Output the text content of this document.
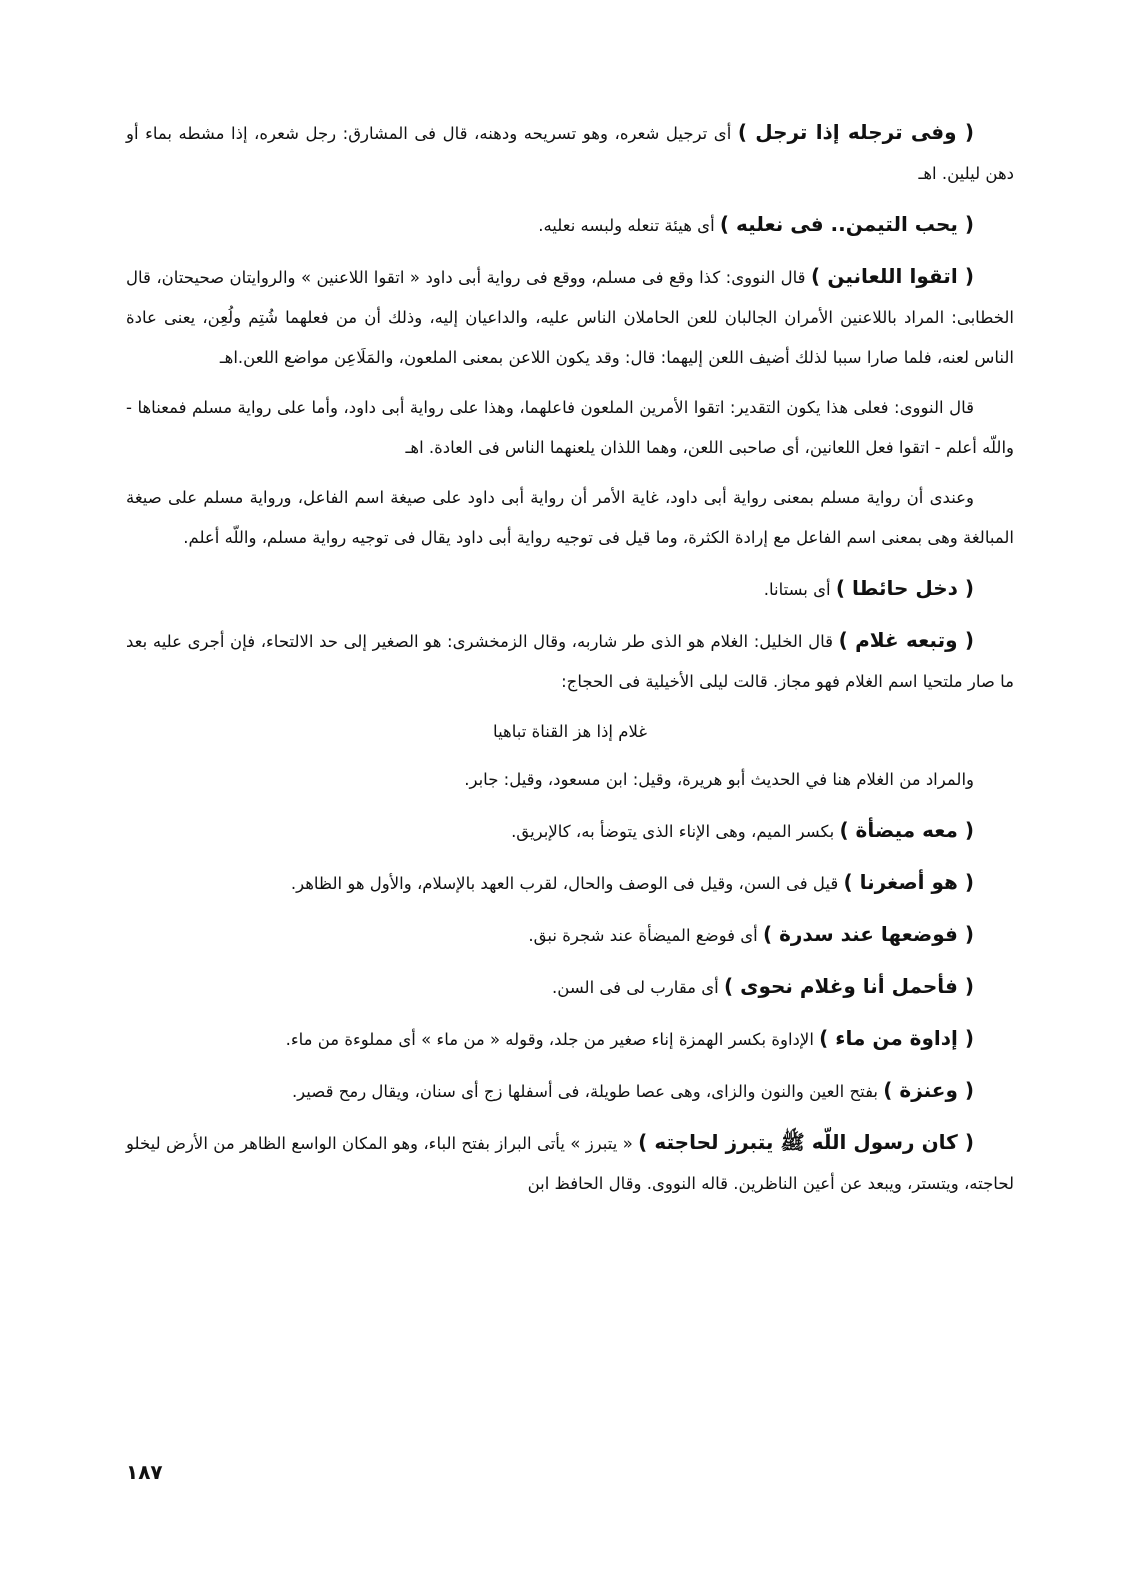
( وفى ترجله إذا ترجل ) أى ترجيل شعره، وهو تسريحه ودهنه، قال فى المشارق: رجل شعره، إذا مشطه بماء أو دهن ليلين. اهـ

( يحب التيمن.. فى نعليه ) أى هيئة تنعله ولبسه نعليه.

( اتقوا اللعانين ) قال النووى: كذا وقع فى مسلم، ووقع فى رواية أبى داود « اتقوا اللاعنين » والروايتان صحيحتان، قال الخطابى: المراد باللاعنين الأمران الجالبان للعن الحاملان الناس عليه، والداعيان إليه، وذلك أن من فعلهما شُتِم ولُعِن، يعنى عادة الناس لعنه، فلما صارا سببا لذلك أضيف اللعن إليهما: قال: وقد يكون اللاعن بمعنى الملعون، والمَلَاعِن مواضع اللعن.اهـ

قال النووى: فعلى هذا يكون التقدير: اتقوا الأمرين الملعون فاعلهما، وهذا على رواية أبى داود، وأما على رواية مسلم فمعناها - واللّه أعلم - اتقوا فعل اللعانين، أى صاحبى اللعن، وهما اللذان يلعنهما الناس فى العادة. اهـ

وعندى أن رواية مسلم بمعنى رواية أبى داود، غاية الأمر أن رواية أبى داود على صيغة اسم الفاعل، ورواية مسلم على صيغة المبالغة وهى بمعنى اسم الفاعل مع إرادة الكثرة، وما قيل فى توجيه رواية أبى داود يقال فى توجيه رواية مسلم، واللّه أعلم.

( دخل حائطا ) أى بستانا.

( وتبعه غلام ) قال الخليل: الغلام هو الذى طر شاربه، وقال الزمخشرى: هو الصغير إلى حد الالتحاء، فإن أجرى عليه بعد ما صار ملتحيا اسم الغلام فهو مجاز. قالت ليلى الأخيلية فى الحجاج:

غلام إذا هز القناة تباهيا

والمراد من الغلام هنا في الحديث أبو هريرة، وقيل: ابن مسعود، وقيل: جابر.

( معه ميضأة ) بكسر الميم، وهى الإناء الذى يتوضأ به، كالإبريق.

( هو أصغرنا ) قيل فى السن، وقيل فى الوصف والحال، لقرب العهد بالإسلام، والأول هو الظاهر.

( فوضعها عند سدرة ) أى فوضع الميضأة عند شجرة نبق.

( فأحمل أنا وغلام نحوى ) أى مقارب لى فى السن.

( إداوة من ماء ) الإداوة بكسر الهمزة إناء صغير من جلد، وقوله « من ماء » أى مملوءة من ماء.

( وعنزة ) بفتح العين والنون والزاى، وهى عصا طويلة، فى أسفلها زج أى سنان، ويقال رمح قصير.

( كان رسول اللّه ﷺ يتبرز لحاجته ) « يتبرز » يأتى البراز بفتح الباء، وهو المكان الواسع الظاهر من الأرض ليخلو لحاجته، ويتستر، ويبعد عن أعين الناظرين. قاله النووى. وقال الحافظ ابن

١٨٧
